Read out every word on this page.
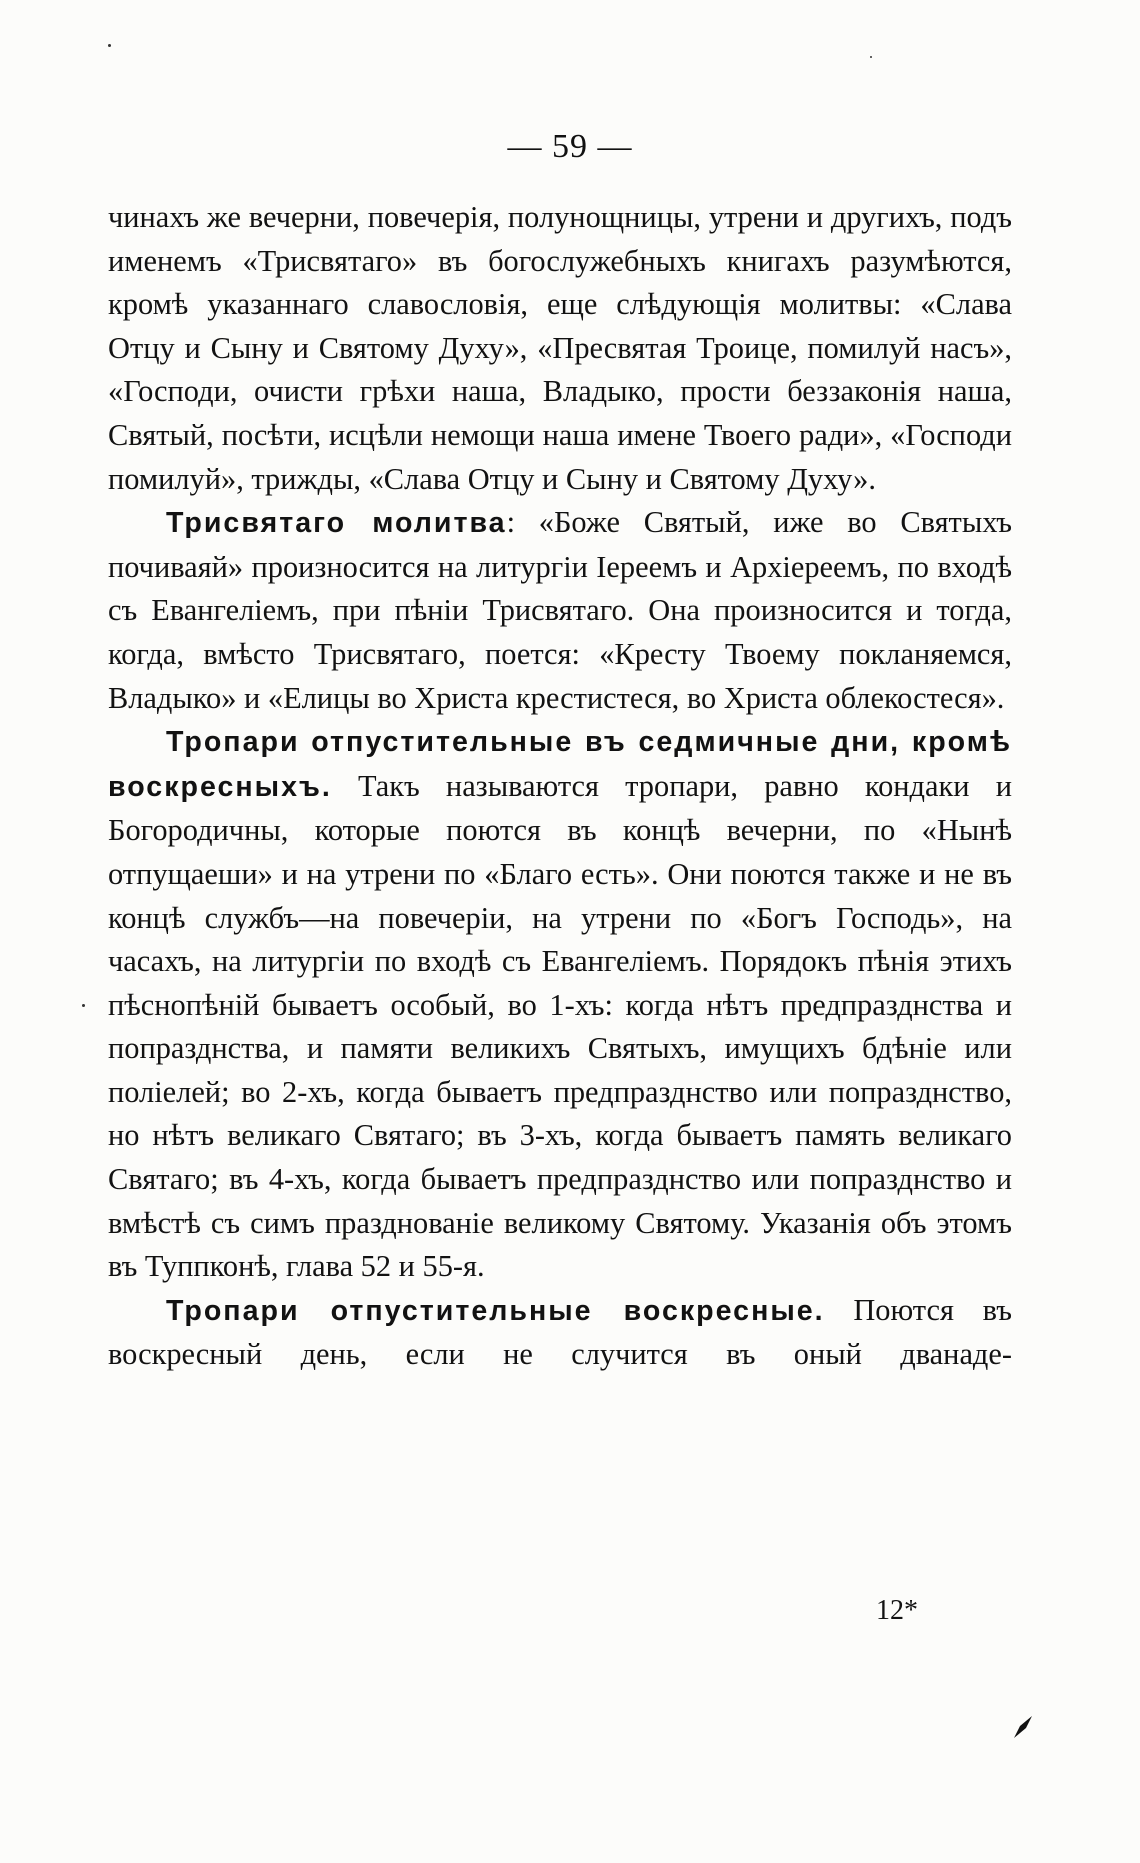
— 59 —

чинахъ же вечерни, повечерія, полунощницы, утрени и другихъ, подъ именемъ «Трисвятаго» въ богослужебныхъ книгахъ разумѣются, кромѣ указаннаго славословія, еще слѣдующія молитвы: «Слава Отцу и Сыну и Святому Духу», «Пресвятая Троице, помилуй насъ», «Господи, очисти грѣхи наша, Владыко, прости беззаконія наша, Святый, посѣти, исцѣли немощи наша имене Твоего ради», «Господи помилуй», трижды, «Слава Отцу и Сыну и Святому Духу».

Трисвятаго молитва: «Боже Святый, иже во Святыхъ почиваяй» произносится на литургіи Іереемъ и Архіереемъ, по входѣ съ Евангеліемъ, при пѣніи Трисвятаго. Она произносится и тогда, когда, вмѣсто Трисвятаго, поется: «Кресту Твоему покланяемся, Владыко» и «Елицы во Христа крестистеся, во Христа облекостеся».

Тропари отпустительные въ седмичные дни, кромѣ воскресныхъ. Такъ называются тропари, равно кондаки и Богородичны, которые поются въ концѣ вечерни, по «Нынѣ отпущаеши» и на утрени по «Благо есть». Они поются также и не въ концѣ службъ—на повечеріи, на утрени по «Богъ Господь», на часахъ, на литургіи по входѣ съ Евангеліемъ. Порядокъ пѣнія этихъ пѣснопѣній бываетъ особый, во 1-хъ: когда нѣтъ предпразднства и попразднства, и памяти великихъ Святыхъ, имущихъ бдѣніе или поліелей; во 2-хъ, когда бываетъ предпразднство или попразднство, но нѣтъ великаго Святаго; въ 3-хъ, когда бываетъ память великаго Святаго; въ 4-хъ, когда бываетъ предпразднство или попразднство и вмѣстѣ съ симъ празднованіе великому Святому. Указанія объ этомъ въ Туппконѣ, глава 52 и 55-я.

Тропари отпустительные воскресные. Поются въ воскресный день, если не случится въ оный дванаде-

12*
